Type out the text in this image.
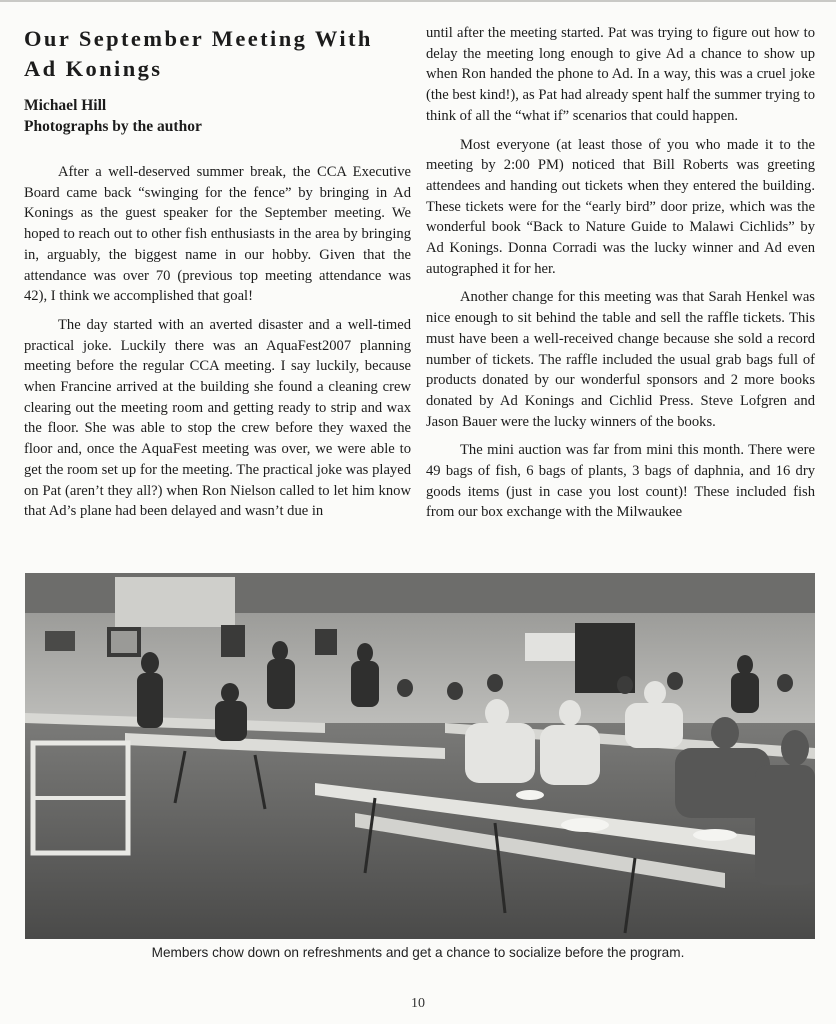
Our September Meeting With Ad Konings
Michael Hill
Photographs by the author

After a well-deserved summer break, the CCA Executive Board came back “swinging for the fence” by bringing in Ad Konings as the guest speaker for the September meeting. We hoped to reach out to other fish enthusiasts in the area by bringing in, arguably, the biggest name in our hobby. Given that the attendance was over 70 (previous top meeting attendance was 42), I think we accomplished that goal!

The day started with an averted disaster and a well-timed practical joke. Luckily there was an AquaFest2007 planning meeting before the regular CCA meeting. I say luckily, because when Francine arrived at the building she found a cleaning crew clearing out the meeting room and getting ready to strip and wax the floor. She was able to stop the crew before they waxed the floor and, once the AquaFest meeting was over, we were able to get the room set up for the meeting. The practical joke was played on Pat (aren’t they all?) when Ron Nielson called to let him know that Ad’s plane had been delayed and wasn’t due in

until after the meeting started. Pat was trying to figure out how to delay the meeting long enough to give Ad a chance to show up when Ron handed the phone to Ad. In a way, this was a cruel joke (the best kind!), as Pat had already spent half the summer trying to think of all the “what if” scenarios that could happen.

Most everyone (at least those of you who made it to the meeting by 2:00 PM) noticed that Bill Roberts was greeting attendees and handing out tickets when they entered the building. These tickets were for the “early bird” door prize, which was the wonderful book “Back to Nature Guide to Malawi Cichlids” by Ad Konings. Donna Corradi was the lucky winner and Ad even autographed it for her.

Another change for this meeting was that Sarah Henkel was nice enough to sit behind the table and sell the raffle tickets. This must have been a well-received change because she sold a record number of tickets. The raffle included the usual grab bags full of products donated by our wonderful sponsors and 2 more books donated by Ad Konings and Cichlid Press. Steve Lofgren and Jason Bauer were the lucky winners of the books.

The mini auction was far from mini this month. There were 49 bags of fish, 6 bags of plants, 3 bags of daphnia, and 16 dry goods items (just in case you lost count)! These included fish from our box exchange with the Milwaukee

Members chow down on refreshments and get a chance to socialize before the program.
10
